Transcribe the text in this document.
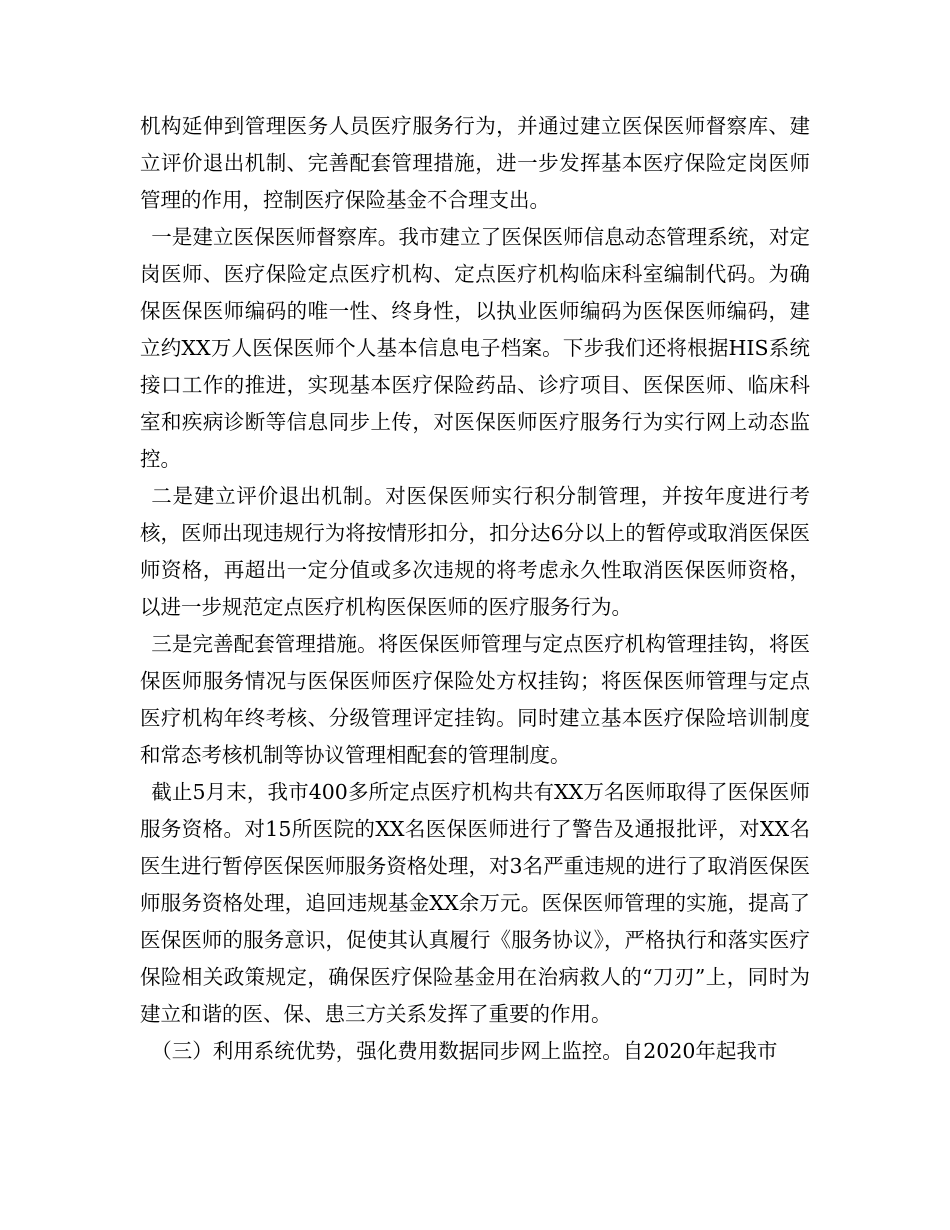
机构延伸到管理医务人员医疗服务行为，并通过建立医保医师督察库、建立评价退出机制、完善配套管理措施，进一步发挥基本医疗保险定岗医师管理的作用，控制医疗保险基金不合理支出。

一是建立医保医师督察库。我市建立了医保医师信息动态管理系统，对定岗医师、医疗保险定点医疗机构、定点医疗机构临床科室编制代码。为确保医保医师编码的唯一性、终身性，以执业医师编码为医保医师编码，建立约XX万人医保医师个人基本信息电子档案。下步我们还将根据HIS系统接口工作的推进，实现基本医疗保险药品、诊疗项目、医保医师、临床科室和疾病诊断等信息同步上传，对医保医师医疗服务行为实行网上动态监控。

二是建立评价退出机制。对医保医师实行积分制管理，并按年度进行考核，医师出现违规行为将按情形扣分，扣分达6分以上的暂停或取消医保医师资格，再超出一定分值或多次违规的将考虑永久性取消医保医师资格，以进一步规范定点医疗机构医保医师的医疗服务行为。

三是完善配套管理措施。将医保医师管理与定点医疗机构管理挂钩，将医保医师服务情况与医保医师医疗保险处方权挂钩；将医保医师管理与定点医疗机构年终考核、分级管理评定挂钩。同时建立基本医疗保险培训制度和常态考核机制等协议管理相配套的管理制度。

截止5月末，我市400多所定点医疗机构共有XX万名医师取得了医保医师服务资格。对15所医院的XX名医保医师进行了警告及通报批评，对XX名医生进行暂停医保医师服务资格处理，对3名严重违规的进行了取消医保医师服务资格处理，追回违规基金XX余万元。医保医师管理的实施，提高了医保医师的服务意识，促使其认真履行《服务协议》，严格执行和落实医疗保险相关政策规定，确保医疗保险基金用在治病救人的“刀刃”上，同时为建立和谐的医、保、患三方关系发挥了重要的作用。

（三）利用系统优势，强化费用数据同步网上监控。自2020年起我市
